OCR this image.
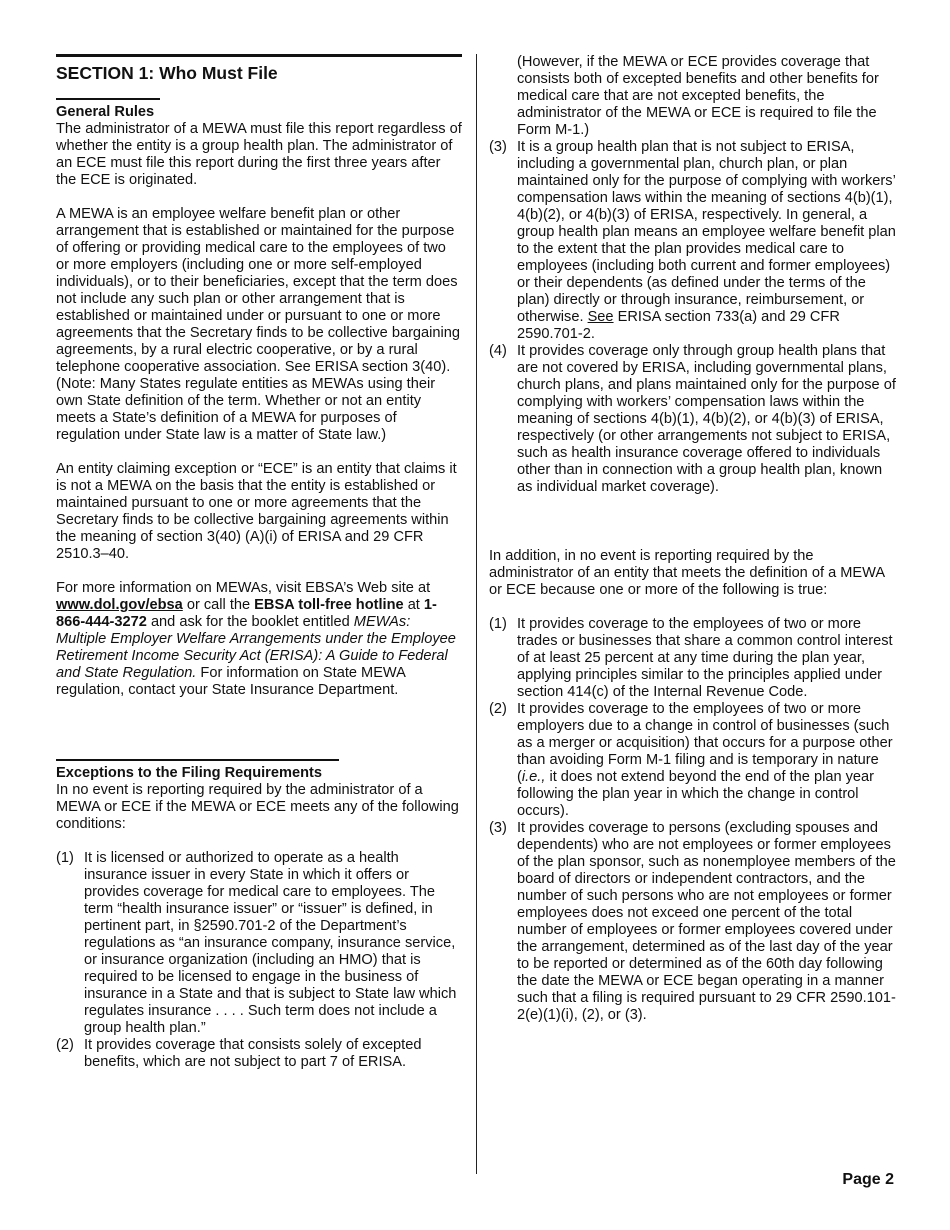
SECTION 1: Who Must File

General Rules

The administrator of a MEWA must file this report regardless of whether the entity is a group health plan. The administrator of an ECE must file this report during the first three years after the ECE is originated.

A MEWA is an employee welfare benefit plan or other arrangement that is established or maintained for the purpose of offering or providing medical care to the employees of two or more employers (including one or more self-employed individuals), or to their beneficiaries, except that the term does not include any such plan or other arrangement that is established or maintained under or pursuant to one or more agreements that the Secretary finds to be collective bargaining agreements, by a rural electric cooperative, or by a rural telephone cooperative association. See ERISA section 3(40). (Note: Many States regulate entities as MEWAs using their own State definition of the term. Whether or not an entity meets a State’s definition of a MEWA for purposes of regulation under State law is a matter of State law.)

An entity claiming exception or “ECE” is an entity that claims it is not a MEWA on the basis that the entity is established or maintained pursuant to one or more agreements that the Secretary finds to be collective bargaining agreements within the meaning of section 3(40) (A)(i) of ERISA and 29 CFR 2510.3–40.

For more information on MEWAs, visit EBSA’s Web site at www.dol.gov/ebsa or call the EBSA toll-free hotline at 1-866-444-3272 and ask for the booklet entitled MEWAs: Multiple Employer Welfare Arrangements under the Employee Retirement Income Security Act (ERISA): A Guide to Federal and State Regulation. For information on State MEWA regulation, contact your State Insurance Department.

Exceptions to the Filing Requirements

In no event is reporting required by the administrator of a MEWA or ECE if the MEWA or ECE meets any of the following conditions:

(1) It is licensed or authorized to operate as a health insurance issuer in every State in which it offers or provides coverage for medical care to employees. The term “health insurance issuer” or “issuer” is defined, in pertinent part, in §2590.701-2 of the Department’s regulations as “an insurance company, insurance service, or insurance organization (including an HMO) that is required to be licensed to engage in the business of insurance in a State and that is subject to State law which regulates insurance . . . . Such term does not include a group health plan.”
(2) It provides coverage that consists solely of excepted benefits, which are not subject to part 7 of ERISA.
(However, if the MEWA or ECE provides coverage that consists both of excepted benefits and other benefits for medical care that are not excepted benefits, the administrator of the MEWA or ECE is required to file the Form M-1.)
(3) It is a group health plan that is not subject to ERISA, including a governmental plan, church plan, or plan maintained only for the purpose of complying with workers’ compensation laws within the meaning of sections 4(b)(1), 4(b)(2), or 4(b)(3) of ERISA, respectively. In general, a group health plan means an employee welfare benefit plan to the extent that the plan provides medical care to employees (including both current and former employees) or their dependents (as defined under the terms of the plan) directly or through insurance, reimbursement, or otherwise. See ERISA section 733(a) and 29 CFR 2590.701-2.
(4) It provides coverage only through group health plans that are not covered by ERISA, including governmental plans, church plans, and plans maintained only for the purpose of complying with workers’ compensation laws within the meaning of sections 4(b)(1), 4(b)(2), or 4(b)(3) of ERISA, respectively (or other arrangements not subject to ERISA, such as health insurance coverage offered to individuals other than in connection with a group health plan, known as individual market coverage).

In addition, in no event is reporting required by the administrator of an entity that meets the definition of a MEWA or ECE because one or more of the following is true:

(1) It provides coverage to the employees of two or more trades or businesses that share a common control interest of at least 25 percent at any time during the plan year, applying principles similar to the principles applied under section 414(c) of the Internal Revenue Code.
(2) It provides coverage to the employees of two or more employers due to a change in control of businesses (such as a merger or acquisition) that occurs for a purpose other than avoiding Form M-1 filing and is temporary in nature (i.e., it does not extend beyond the end of the plan year following the plan year in which the change in control occurs).
(3) It provides coverage to persons (excluding spouses and dependents) who are not employees or former employees of the plan sponsor, such as nonemployee members of the board of directors or independent contractors, and the number of such persons who are not employees or former employees does not exceed one percent of the total number of employees or former employees covered under the arrangement, determined as of the last day of the year to be reported or determined as of the 60th day following the date the MEWA or ECE began operating in a manner such that a filing is required pursuant to 29 CFR 2590.101-2(e)(1)(i), (2), or (3).
Page 2
